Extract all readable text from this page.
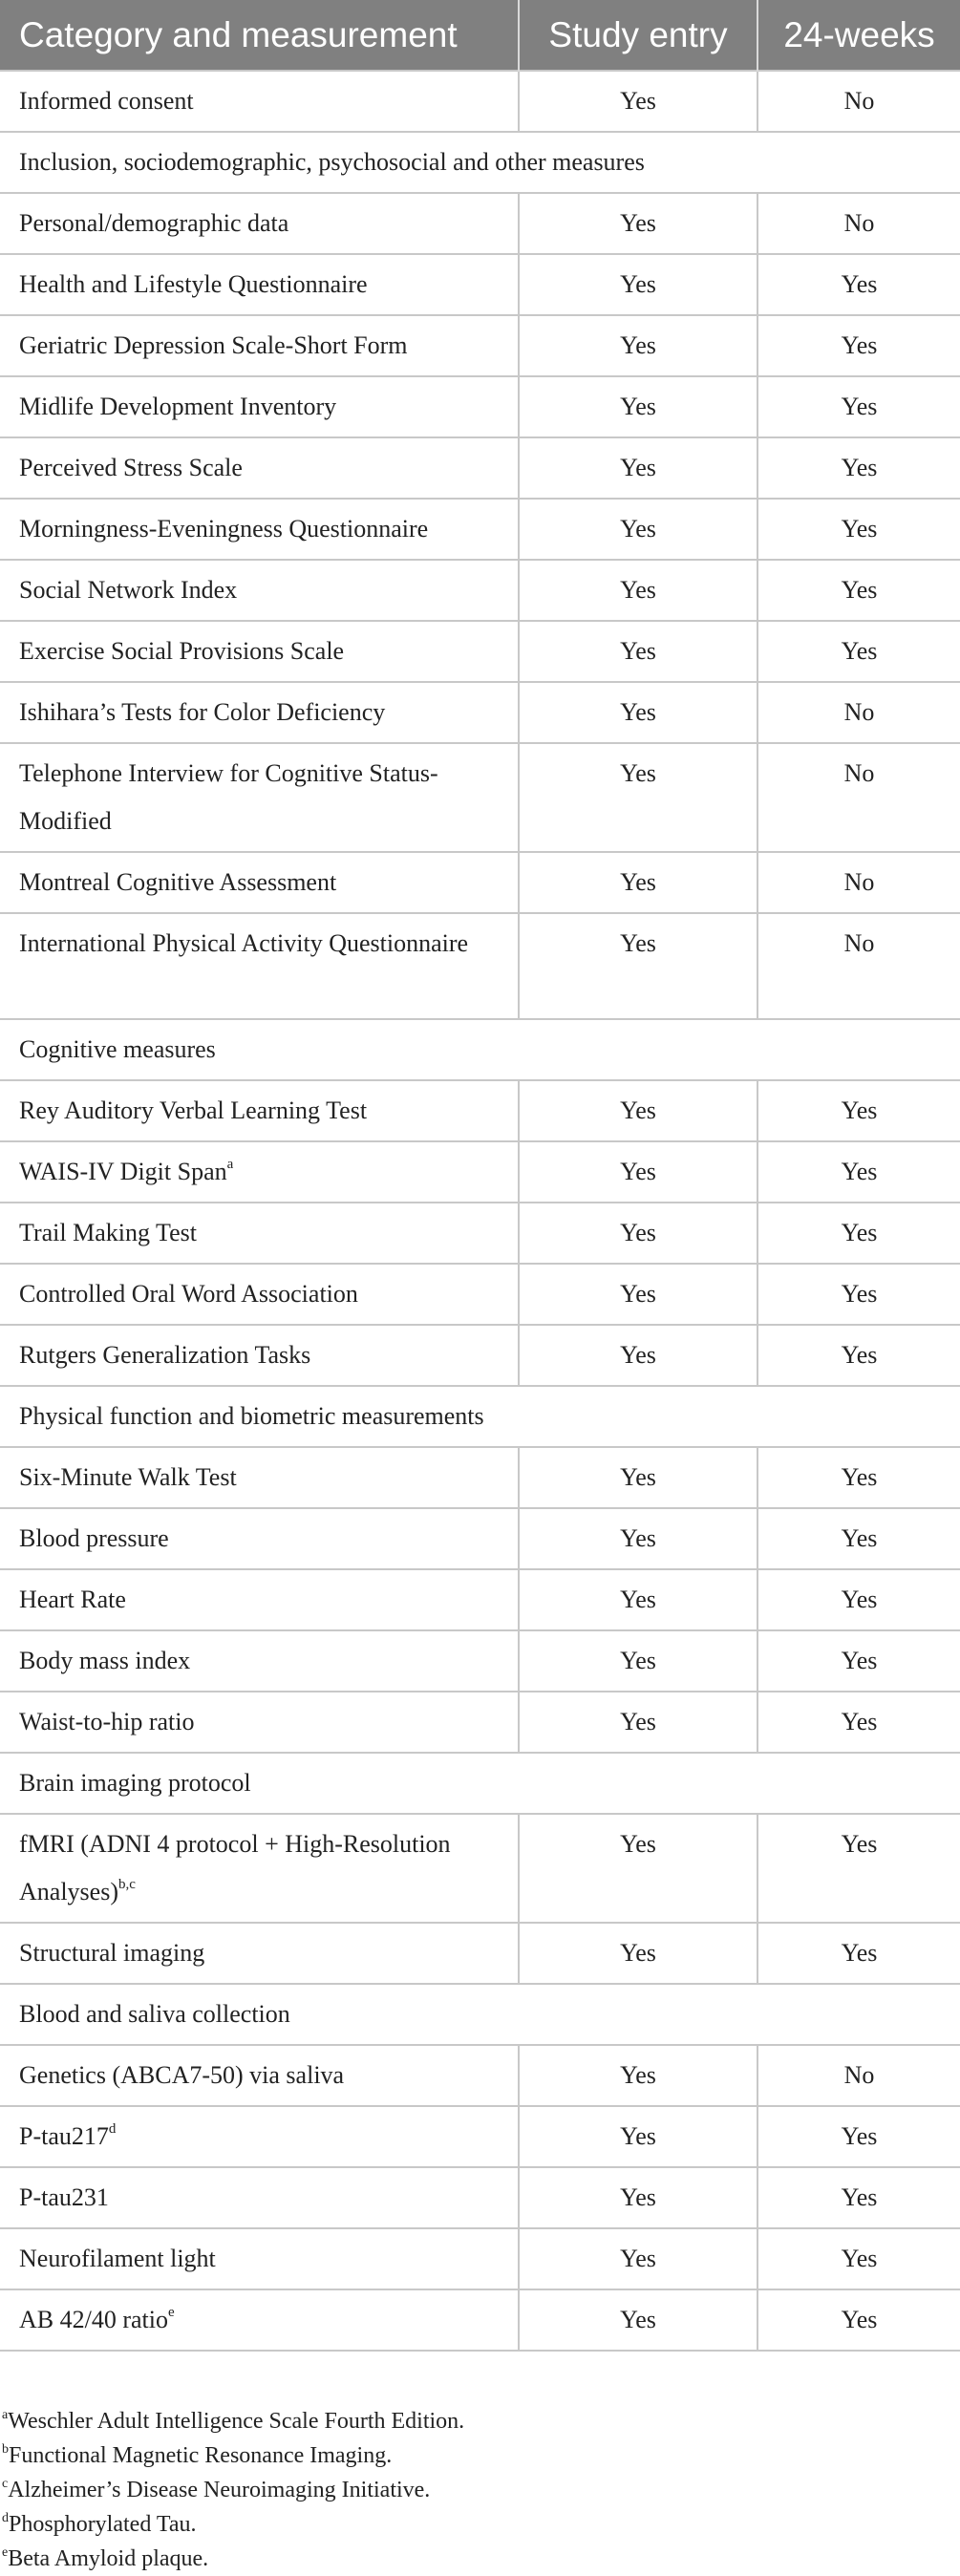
Category and measurement	Study entry	24-weeks
Informed consent	Yes	No
Inclusion, sociodemographic, psychosocial and other measures		
Personal/demographic data	Yes	No
Health and Lifestyle Questionnaire	Yes	Yes
Geriatric Depression Scale-Short Form	Yes	Yes
Midlife Development Inventory	Yes	Yes
Perceived Stress Scale	Yes	Yes
Morningness-Eveningness Questionnaire	Yes	Yes
Social Network Index	Yes	Yes
Exercise Social Provisions Scale	Yes	Yes
Ishihara’s Tests for Color Deficiency	Yes	No
Telephone Interview for Cognitive Status-Modified	Yes	No
Montreal Cognitive Assessment	Yes	No
International Physical Activity Questionnaire	Yes	No
Cognitive measures		
Rey Auditory Verbal Learning Test	Yes	Yes
WAIS-IV Digit Span$^a$	Yes	Yes
Trail Making Test	Yes	Yes
Controlled Oral Word Association	Yes	Yes
Rutgers Generalization Tasks	Yes	Yes
Physical function and biometric measurements		
Six-Minute Walk Test	Yes	Yes
Blood pressure	Yes	Yes
Heart Rate	Yes	Yes
Body mass index	Yes	Yes
Waist-to-hip ratio	Yes	Yes
Brain imaging protocol		
fMRI (ADNI 4 protocol + High-Resolution Analyses)$^{b,c}$	Yes	Yes
Structural imaging	Yes	Yes
Blood and saliva collection		
Genetics (ABCA7-50) via saliva	Yes	No
P-tau217$^d$	Yes	Yes
P-tau231	Yes	Yes
Neurofilament light	Yes	Yes
AB 42/40 ratio$^e$	Yes	Yes
$^a$Weschler Adult Intelligence Scale Fourth Edition.
$^b$Functional Magnetic Resonance Imaging.
$^c$Alzheimer’s Disease Neuroimaging Initiative.
$^d$Phosphorylated Tau.
$^e$Beta Amyloid plaque.
